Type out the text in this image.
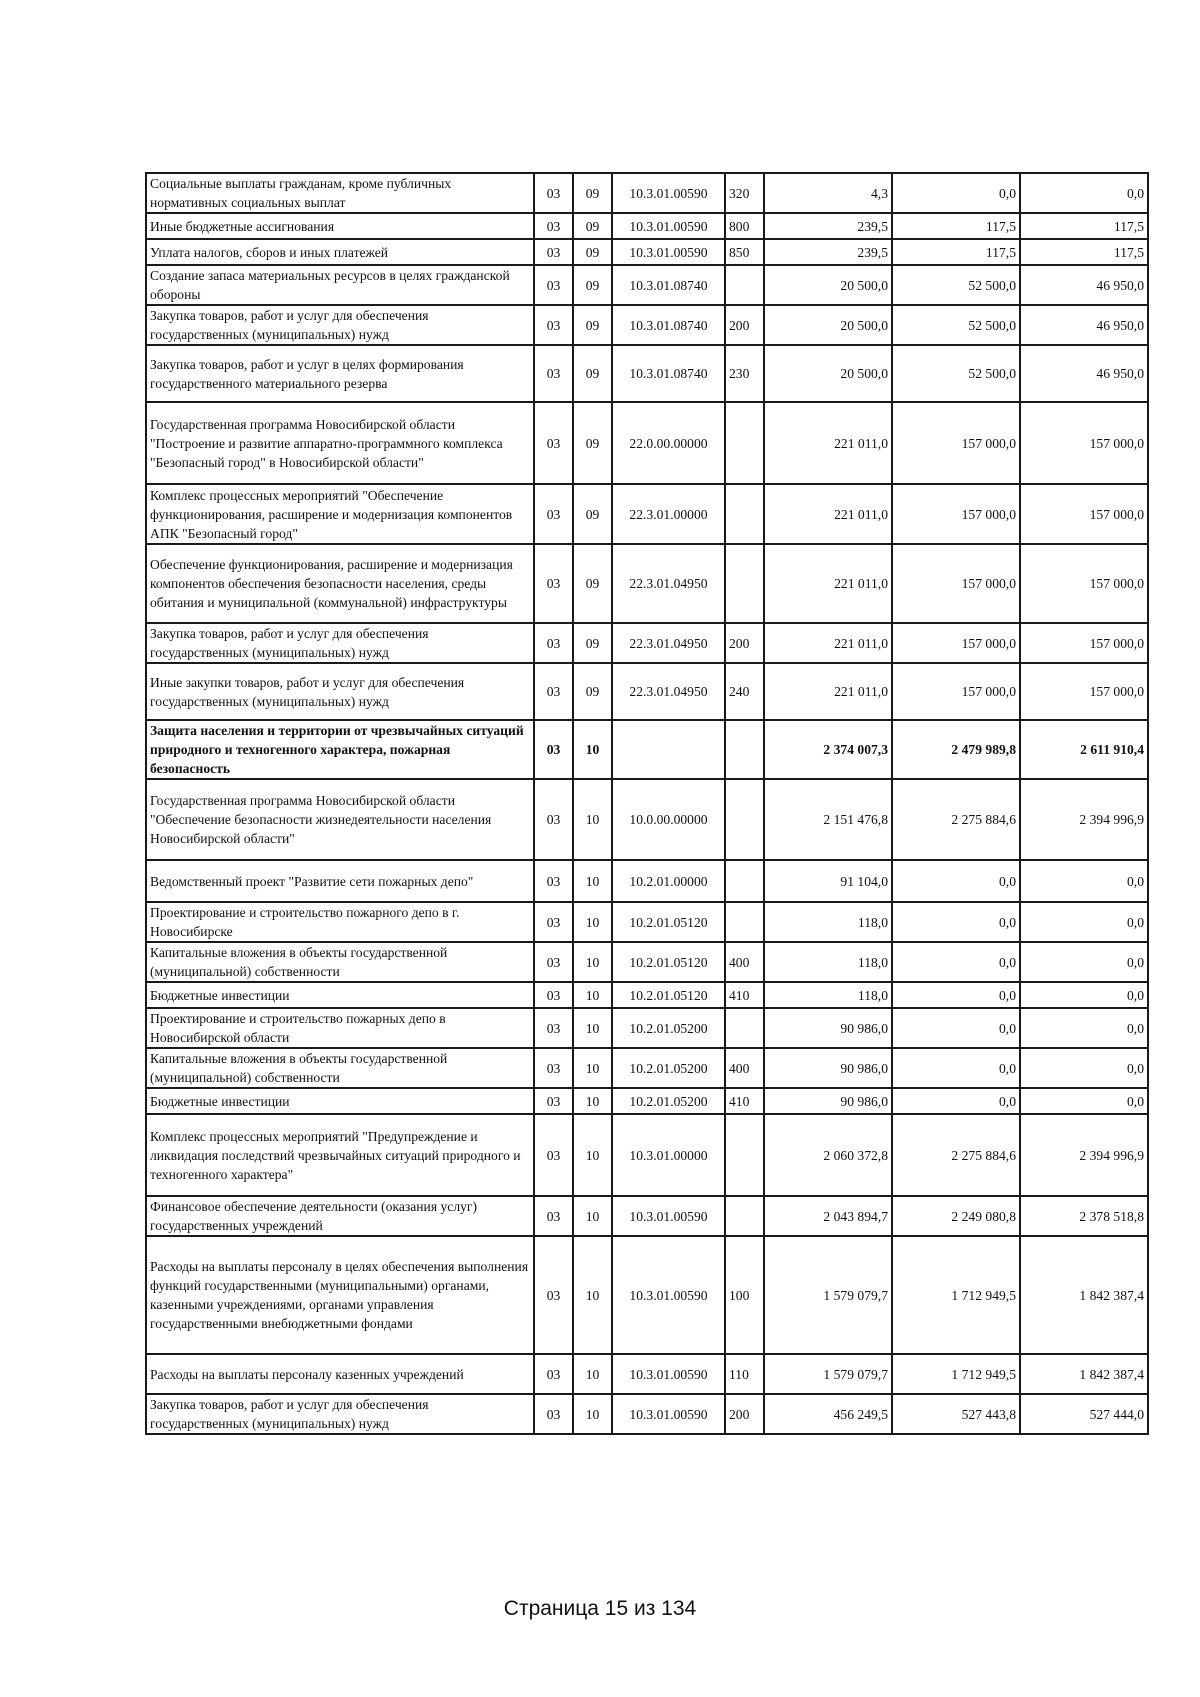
Социальные выплаты гражданам, кроме публичных нормативных социальных выплат	03	09	10.3.01.00590	320	4,3	0,0	0,0
Иные бюджетные ассигнования	03	09	10.3.01.00590	800	239,5	117,5	117,5
Уплата налогов, сборов и иных платежей	03	09	10.3.01.00590	850	239,5	117,5	117,5
Создание запаса материальных ресурсов в целях гражданской обороны	03	09	10.3.01.08740		20 500,0	52 500,0	46 950,0
Закупка товаров, работ и услуг для обеспечения государственных (муниципальных) нужд	03	09	10.3.01.08740	200	20 500,0	52 500,0	46 950,0
Закупка товаров, работ и услуг в целях формирования государственного материального резерва	03	09	10.3.01.08740	230	20 500,0	52 500,0	46 950,0
Государственная программа Новосибирской области "Построение и развитие аппаратно-программного комплекса "Безопасный город" в Новосибирской области"	03	09	22.0.00.00000		221 011,0	157 000,0	157 000,0
Комплекс процессных мероприятий "Обеспечение функционирования, расширение и модернизация компонентов АПК "Безопасный город"	03	09	22.3.01.00000		221 011,0	157 000,0	157 000,0
Обеспечение функционирования, расширение и модернизация компонентов обеспечения безопасности населения, среды обитания и муниципальной (коммунальной) инфраструктуры	03	09	22.3.01.04950		221 011,0	157 000,0	157 000,0
Закупка товаров, работ и услуг для обеспечения государственных (муниципальных) нужд	03	09	22.3.01.04950	200	221 011,0	157 000,0	157 000,0
Иные закупки товаров, работ и услуг для обеспечения государственных (муниципальных) нужд	03	09	22.3.01.04950	240	221 011,0	157 000,0	157 000,0
Защита населения и территории от чрезвычайных ситуаций природного и техногенного характера, пожарная безопасность	03	10			2 374 007,3	2 479 989,8	2 611 910,4
Государственная программа Новосибирской области "Обеспечение безопасности жизнедеятельности населения Новосибирской области"	03	10	10.0.00.00000		2 151 476,8	2 275 884,6	2 394 996,9
Ведомственный проект "Развитие сети пожарных депо"	03	10	10.2.01.00000		91 104,0	0,0	0,0
Проектирование и строительство пожарного депо в г. Новосибирске	03	10	10.2.01.05120		118,0	0,0	0,0
Капитальные вложения в объекты государственной (муниципальной) собственности	03	10	10.2.01.05120	400	118,0	0,0	0,0
Бюджетные инвестиции	03	10	10.2.01.05120	410	118,0	0,0	0,0
Проектирование и строительство пожарных депо в Новосибирской области	03	10	10.2.01.05200		90 986,0	0,0	0,0
Капитальные вложения в объекты государственной (муниципальной) собственности	03	10	10.2.01.05200	400	90 986,0	0,0	0,0
Бюджетные инвестиции	03	10	10.2.01.05200	410	90 986,0	0,0	0,0
Комплекс процессных мероприятий "Предупреждение и ликвидация последствий чрезвычайных ситуаций природного и техногенного характера"	03	10	10.3.01.00000		2 060 372,8	2 275 884,6	2 394 996,9
Финансовое обеспечение деятельности (оказания услуг) государственных учреждений	03	10	10.3.01.00590		2 043 894,7	2 249 080,8	2 378 518,8
Расходы на выплаты персоналу в целях обеспечения выполнения функций государственными (муниципальными) органами, казенными учреждениями, органами управления государственными внебюджетными фондами	03	10	10.3.01.00590	100	1 579 079,7	1 712 949,5	1 842 387,4
Расходы на выплаты персоналу казенных учреждений	03	10	10.3.01.00590	110	1 579 079,7	1 712 949,5	1 842 387,4
Закупка товаров, работ и услуг для обеспечения государственных (муниципальных) нужд	03	10	10.3.01.00590	200	456 249,5	527 443,8	527 444,0
Страница 15 из 134
